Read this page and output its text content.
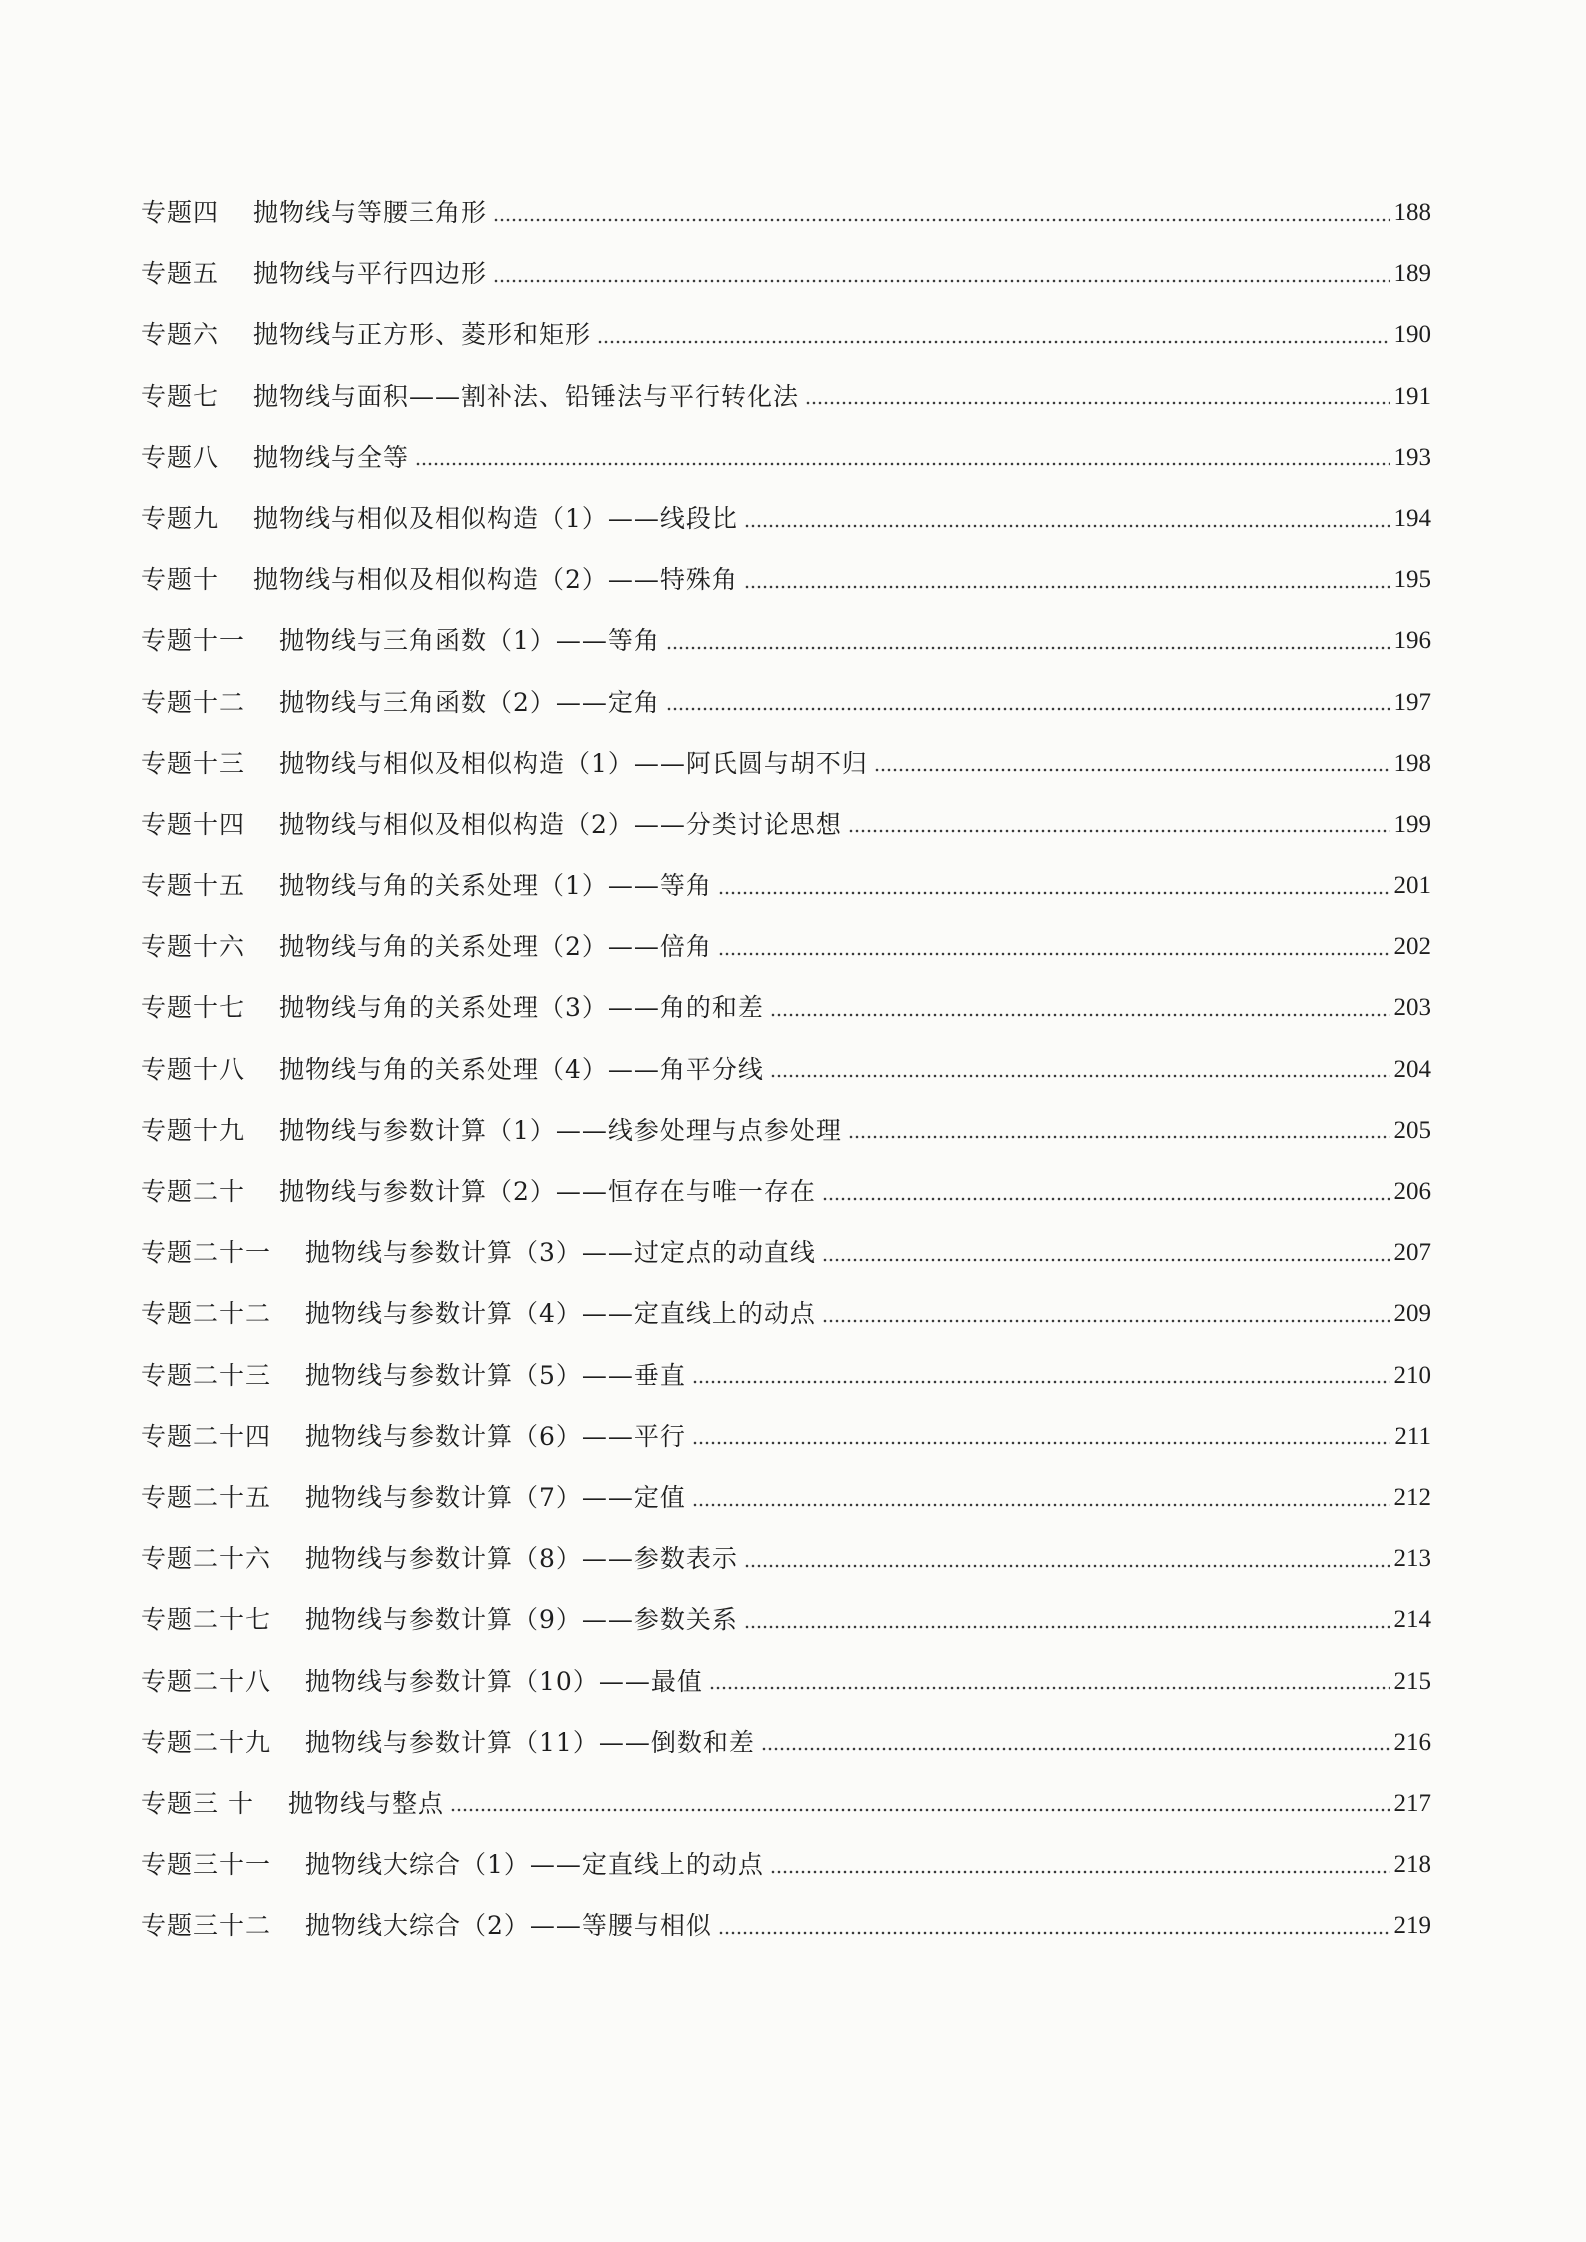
专题四 抛物线与等腰三角形	188
专题五 抛物线与平行四边形	189
专题六 抛物线与正方形、菱形和矩形	190
专题七 抛物线与面积——割补法、铅锤法与平行转化法	191
专题八 抛物线与全等	193
专题九 抛物线与相似及相似构造（1）——线段比	194
专题十 抛物线与相似及相似构造（2）——特殊角	195
专题十一 抛物线与三角函数（1）——等角	196
专题十二 抛物线与三角函数（2）——定角	197
专题十三 抛物线与相似及相似构造（1）——阿氏圆与胡不归	198
专题十四 抛物线与相似及相似构造（2）——分类讨论思想	199
专题十五 抛物线与角的关系处理（1）——等角	201
专题十六 抛物线与角的关系处理（2）——倍角	202
专题十七 抛物线与角的关系处理（3）——角的和差	203
专题十八 抛物线与角的关系处理（4）——角平分线	204
专题十九 抛物线与参数计算（1）——线参处理与点参处理	205
专题二十 抛物线与参数计算（2）——恒存在与唯一存在	206
专题二十一 抛物线与参数计算（3）——过定点的动直线	207
专题二十二 抛物线与参数计算（4）——定直线上的动点	209
专题二十三 抛物线与参数计算（5）——垂直	210
专题二十四 抛物线与参数计算（6）——平行	211
专题二十五 抛物线与参数计算（7）——定值	212
专题二十六 抛物线与参数计算（8）——参数表示	213
专题二十七 抛物线与参数计算（9）——参数关系	214
专题二十八 抛物线与参数计算（10）——最值	215
专题二十九 抛物线与参数计算（11）——倒数和差	216
专题三 十 抛物线与整点	217
专题三十一 抛物线大综合（1）——定直线上的动点	218
专题三十二 抛物线大综合（2）——等腰与相似	219
